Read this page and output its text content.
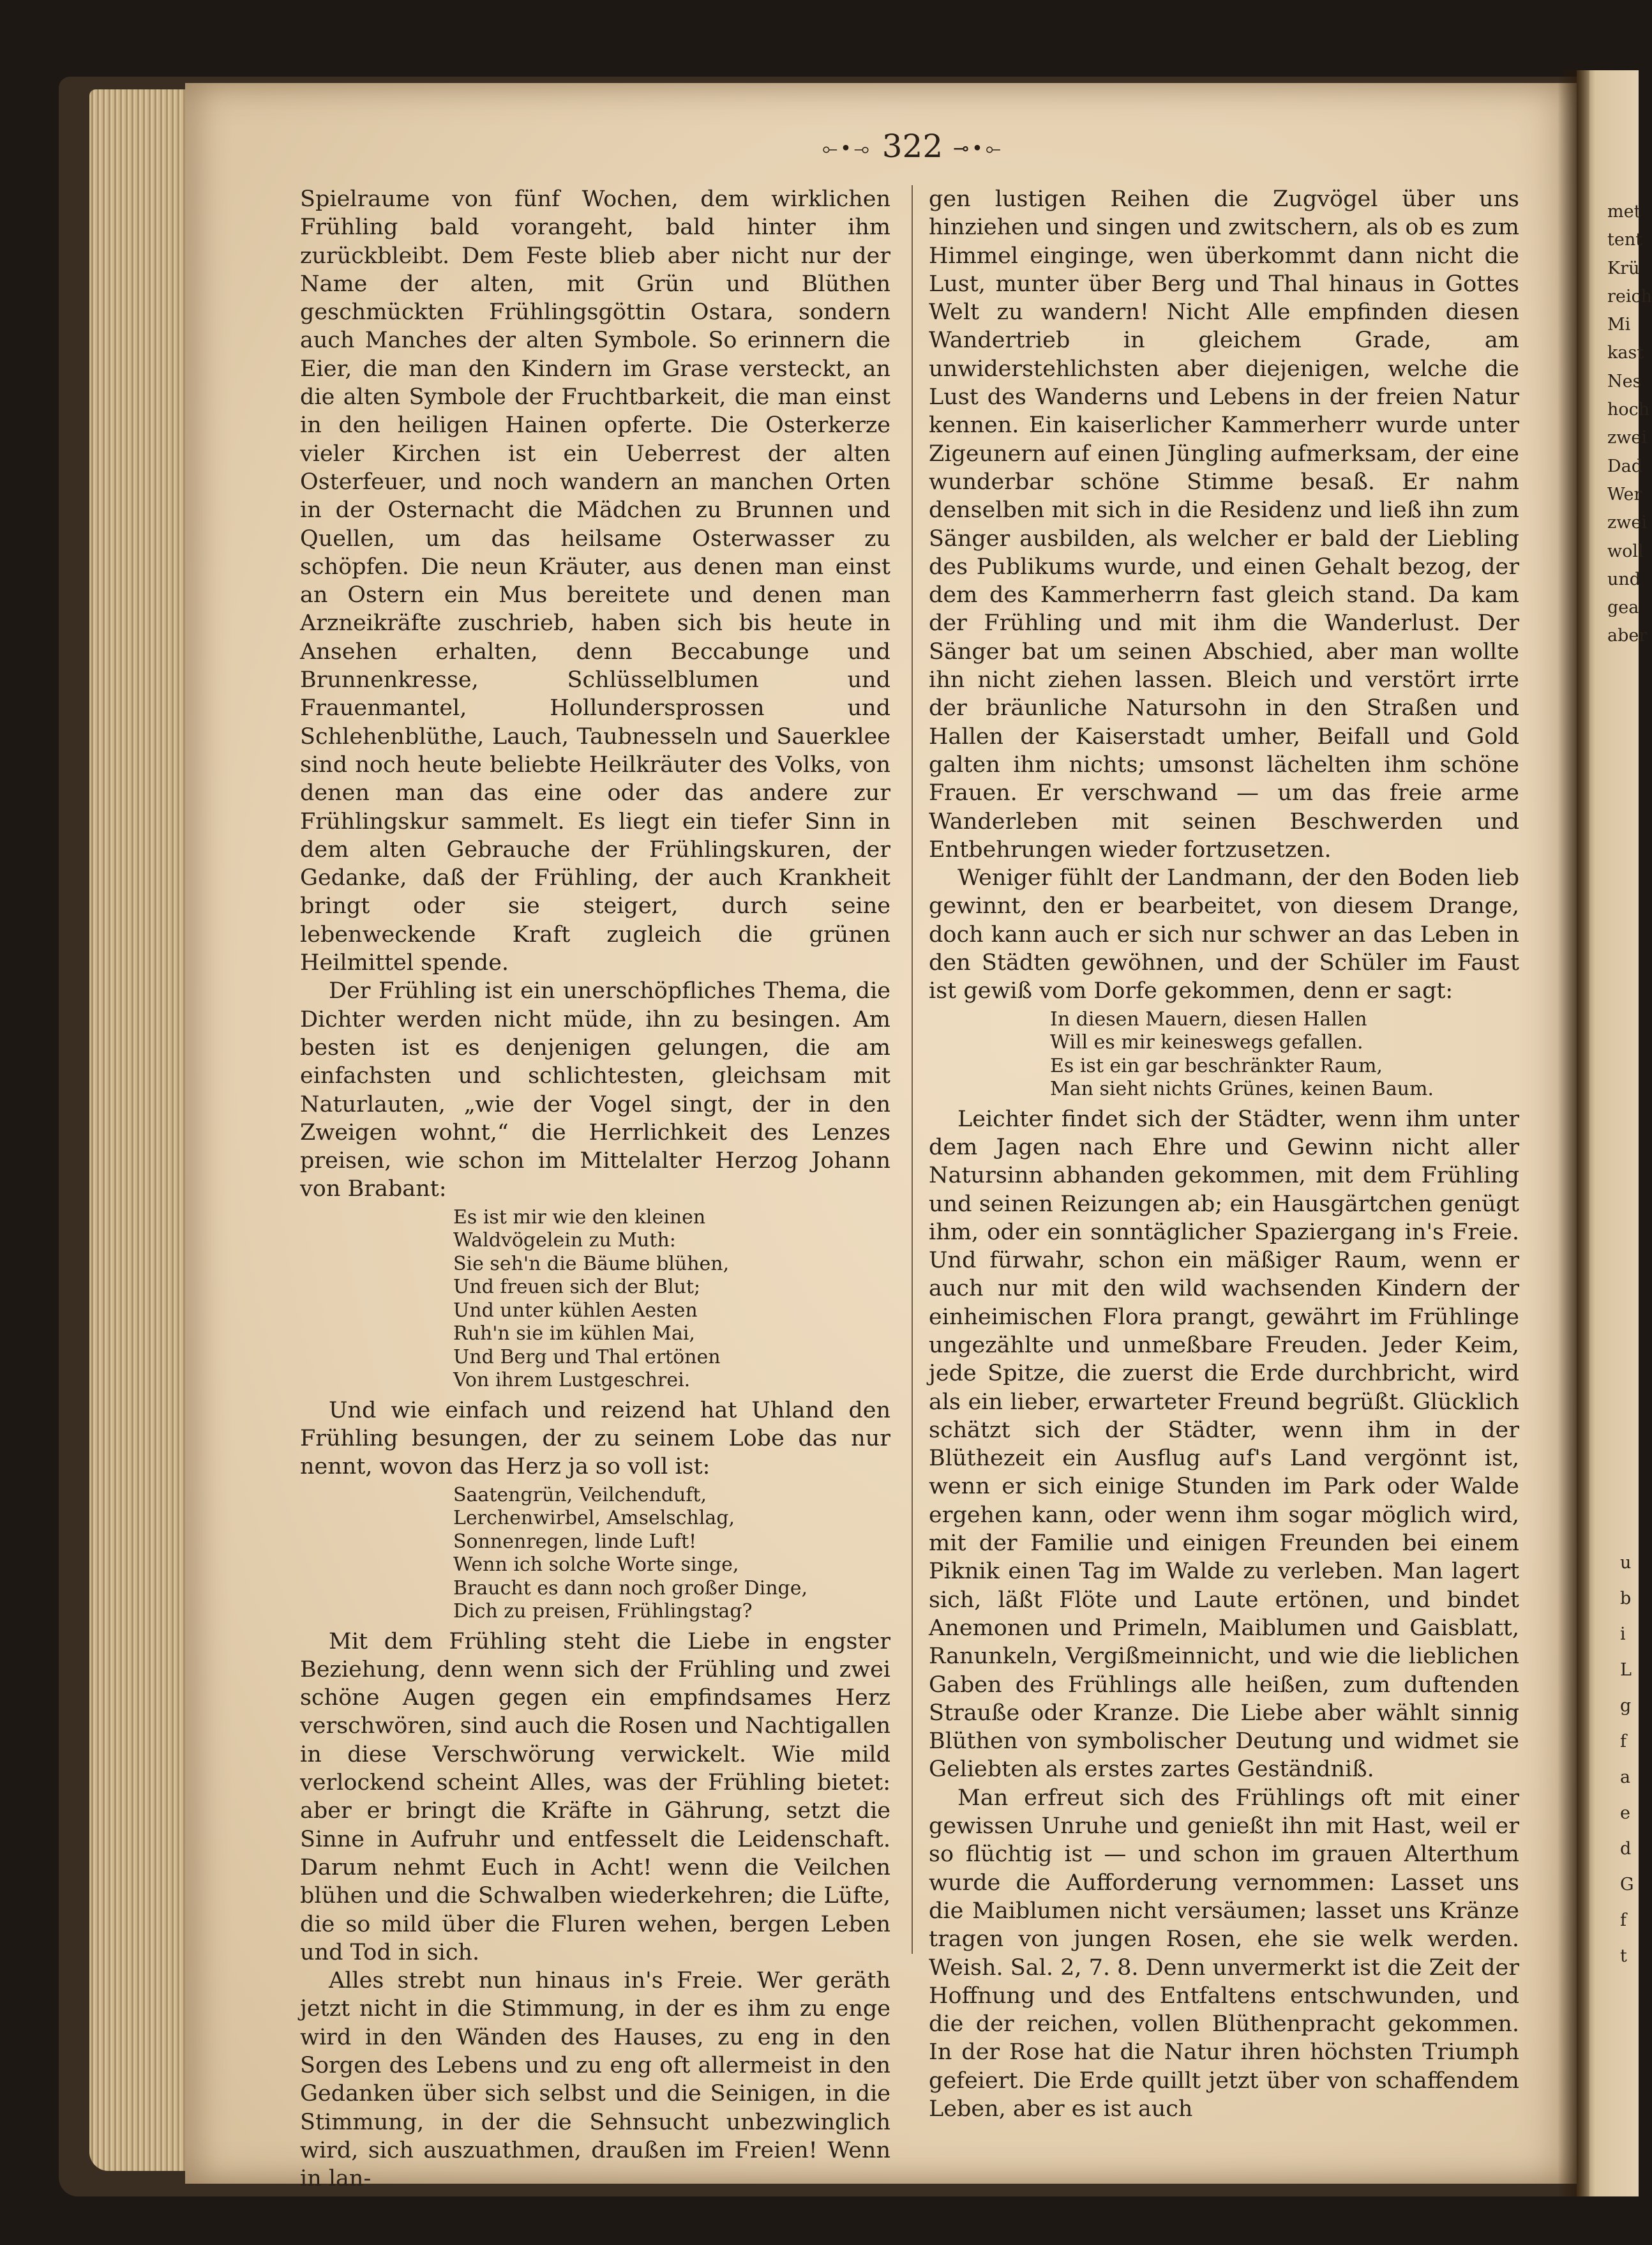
⟜•⊸ 322 ⊸•⟜

Spielraume von fünf Wochen, dem wirklichen Frühling bald vorangeht, bald hinter ihm zurückbleibt. Dem Feste blieb aber nicht nur der Name der alten, mit Grün und Blüthen geschmückten Frühlingsgöttin Ostara, sondern auch Manches der alten Symbole. So erinnern die Eier, die man den Kindern im Grase versteckt, an die alten Symbole der Fruchtbarkeit, die man einst in den heiligen Hainen opferte. Die Osterkerze vieler Kirchen ist ein Ueberrest der alten Osterfeuer, und noch wandern an manchen Orten in der Osternacht die Mädchen zu Brunnen und Quellen, um das heilsame Osterwasser zu schöpfen. Die neun Kräuter, aus denen man einst an Ostern ein Mus bereitete und denen man Arzneikräfte zuschrieb, haben sich bis heute in Ansehen erhalten, denn Beccabunge und Brunnenkresse, Schlüsselblumen und Frauenmantel, Hollundersprossen und Schlehenblüthe, Lauch, Taubnesseln und Sauerklee sind noch heute beliebte Heilkräuter des Volks, von denen man das eine oder das andere zur Frühlingskur sammelt. Es liegt ein tiefer Sinn in dem alten Gebrauche der Frühlingskuren, der Gedanke, daß der Frühling, der auch Krankheit bringt oder sie steigert, durch seine lebenweckende Kraft zugleich die grünen Heilmittel spende.

Der Frühling ist ein unerschöpfliches Thema, die Dichter werden nicht müde, ihn zu besingen. Am besten ist es denjenigen gelungen, die am einfachsten und schlichtesten, gleichsam mit Naturlauten, „wie der Vogel singt, der in den Zweigen wohnt,“ die Herrlichkeit des Lenzes preisen, wie schon im Mittelalter Herzog Johann von Brabant:

Es ist mir wie den kleinen
Waldvögelein zu Muth:
Sie seh'n die Bäume blühen,
Und freuen sich der Blut;
Und unter kühlen Aesten
Ruh'n sie im kühlen Mai,
Und Berg und Thal ertönen
Von ihrem Lustgeschrei.

Und wie einfach und reizend hat Uhland den Frühling besungen, der zu seinem Lobe das nur nennt, wovon das Herz ja so voll ist:

Saatengrün, Veilchenduft,
Lerchenwirbel, Amselschlag,
Sonnenregen, linde Luft!
Wenn ich solche Worte singe,
Braucht es dann noch großer Dinge,
Dich zu preisen, Frühlingstag?

Mit dem Frühling steht die Liebe in engster Beziehung, denn wenn sich der Frühling und zwei schöne Augen gegen ein empfindsames Herz verschwören, sind auch die Rosen und Nachtigallen in diese Verschwörung verwickelt. Wie mild verlockend scheint Alles, was der Frühling bietet: aber er bringt die Kräfte in Gährung, setzt die Sinne in Aufruhr und entfesselt die Leidenschaft. Darum nehmt Euch in Acht! wenn die Veilchen blühen und die Schwalben wiederkehren; die Lüfte, die so mild über die Fluren wehen, bergen Leben und Tod in sich.

Alles strebt nun hinaus in's Freie. Wer geräth jetzt nicht in die Stimmung, in der es ihm zu enge wird in den Wänden des Hauses, zu eng in den Sorgen des Lebens und zu eng oft allermeist in den Gedanken über sich selbst und die Seinigen, in die Stimmung, in der die Sehnsucht unbezwinglich wird, sich auszuathmen, draußen im Freien! Wenn in lan-

gen lustigen Reihen die Zugvögel über uns hinziehen und singen und zwitschern, als ob es zum Himmel einginge, wen überkommt dann nicht die Lust, munter über Berg und Thal hinaus in Gottes Welt zu wandern! Nicht Alle empfinden diesen Wandertrieb in gleichem Grade, am unwiderstehlichsten aber diejenigen, welche die Lust des Wanderns und Lebens in der freien Natur kennen. Ein kaiserlicher Kammerherr wurde unter Zigeunern auf einen Jüngling aufmerksam, der eine wunderbar schöne Stimme besaß. Er nahm denselben mit sich in die Residenz und ließ ihn zum Sänger ausbilden, als welcher er bald der Liebling des Publikums wurde, und einen Gehalt bezog, der dem des Kammerherrn fast gleich stand. Da kam der Frühling und mit ihm die Wanderlust. Der Sänger bat um seinen Abschied, aber man wollte ihn nicht ziehen lassen. Bleich und verstört irrte der bräunliche Natursohn in den Straßen und Hallen der Kaiserstadt umher, Beifall und Gold galten ihm nichts; umsonst lächelten ihm schöne Frauen. Er verschwand — um das freie arme Wanderleben mit seinen Beschwerden und Entbehrungen wieder fortzusetzen.

Weniger fühlt der Landmann, der den Boden lieb gewinnt, den er bearbeitet, von diesem Drange, doch kann auch er sich nur schwer an das Leben in den Städten gewöhnen, und der Schüler im Faust ist gewiß vom Dorfe gekommen, denn er sagt:

In diesen Mauern, diesen Hallen
Will es mir keineswegs gefallen.
Es ist ein gar beschränkter Raum,
Man sieht nichts Grünes, keinen Baum.

Leichter findet sich der Städter, wenn ihm unter dem Jagen nach Ehre und Gewinn nicht aller Natursinn abhanden gekommen, mit dem Frühling und seinen Reizungen ab; ein Hausgärtchen genügt ihm, oder ein sonntäglicher Spaziergang in's Freie. Und fürwahr, schon ein mäßiger Raum, wenn er auch nur mit den wild wachsenden Kindern der einheimischen Flora prangt, gewährt im Frühlinge ungezählte und unmeßbare Freuden. Jeder Keim, jede Spitze, die zuerst die Erde durchbricht, wird als ein lieber, erwarteter Freund begrüßt. Glücklich schätzt sich der Städter, wenn ihm in der Blüthezeit ein Ausflug auf's Land vergönnt ist, wenn er sich einige Stunden im Park oder Walde ergehen kann, oder wenn ihm sogar möglich wird, mit der Familie und einigen Freunden bei einem Piknik einen Tag im Walde zu verleben. Man lagert sich, läßt Flöte und Laute ertönen, und bindet Anemonen und Primeln, Maiblumen und Gaisblatt, Ranunkeln, Vergißmeinnicht, und wie die lieblichen Gaben des Frühlings alle heißen, zum duftenden Strauße oder Kranze. Die Liebe aber wählt sinnig Blüthen von symbolischer Deutung und widmet sie Geliebten als erstes zartes Geständniß.

Man erfreut sich des Frühlings oft mit einer gewissen Unruhe und genießt ihn mit Hast, weil er so flüchtig ist — und schon im grauen Alterthum wurde die Aufforderung vernommen: Lasset uns die Maiblumen nicht versäumen; lasset uns Kränze tragen von jungen Rosen, ehe sie welk werden. Weish. Sal. 2, 7. 8. Denn unvermerkt ist die Zeit der Hoffnung und des Entfaltens entschwunden, und die der reichen, vollen Blüthenpracht gekommen. In der Rose hat die Natur ihren höchsten Triumph gefeiert. Die Erde quillt jetzt über von schaffendem Leben, aber es ist auch

met
tent
Krü
reich
Mi
kast
Nes
hoch
zwei
Dad
Wer
zwei
woll
und
gea
aber
u
b
i
L
g
f
a
e
d
G
f
t
